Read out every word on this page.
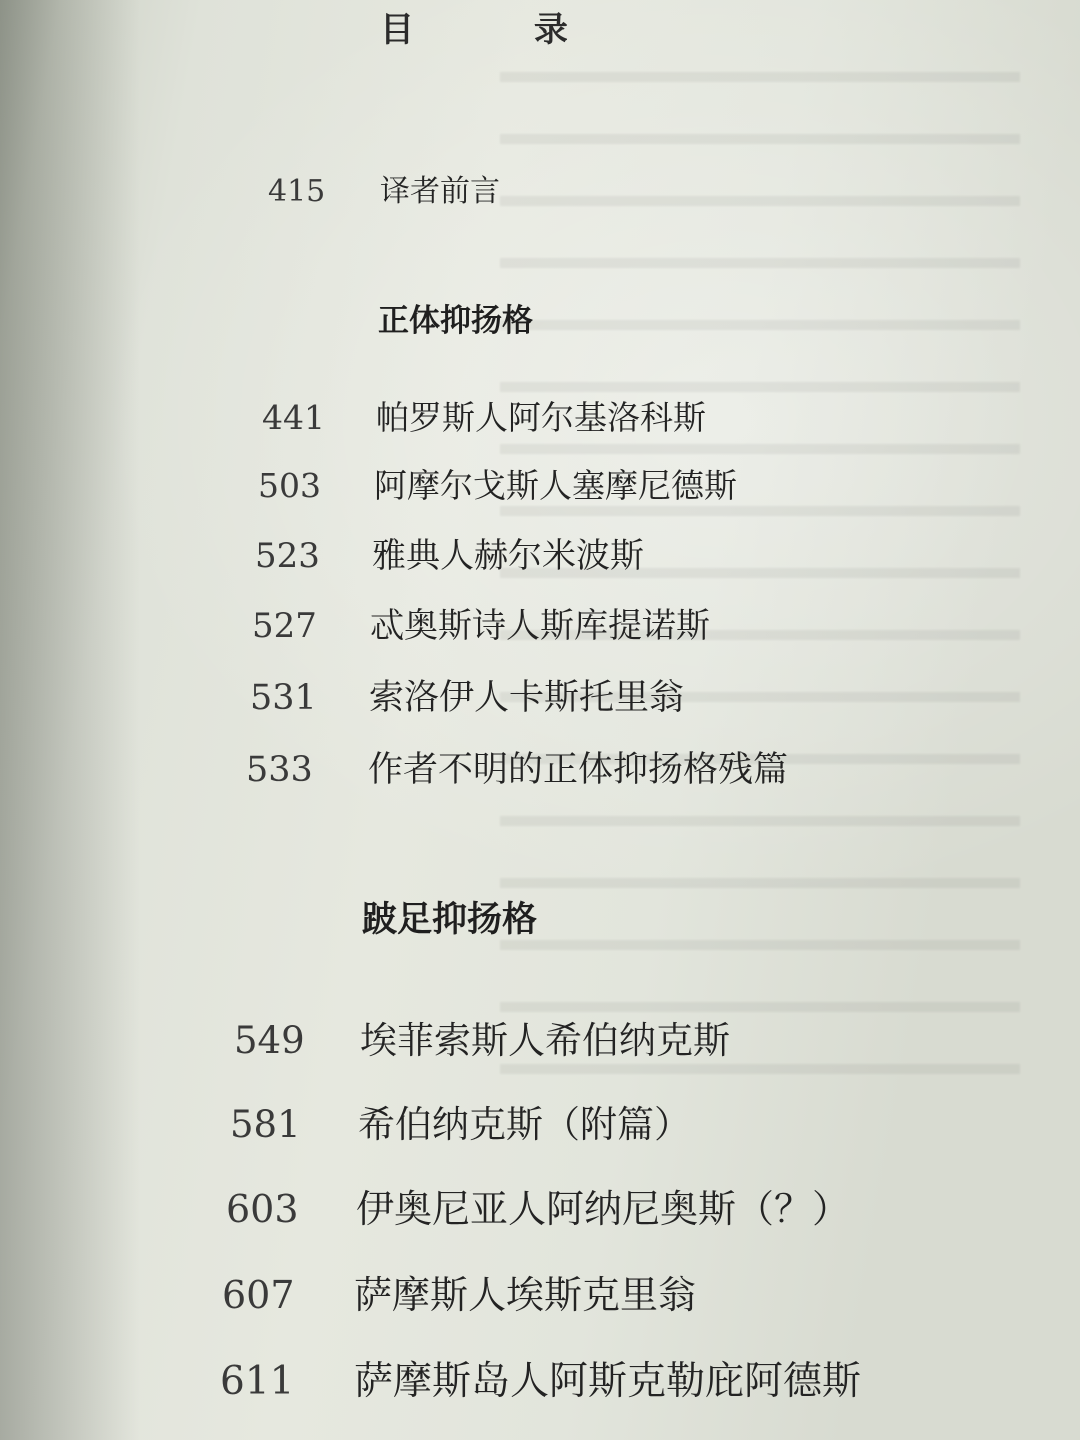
目 录
415	译者前言
正体抑扬格
441	帕罗斯人阿尔基洛科斯
503	阿摩尔戈斯人塞摩尼德斯
523	雅典人赫尔米波斯
527	忒奥斯诗人斯库提诺斯
531	索洛伊人卡斯托里翁
533	作者不明的正体抑扬格残篇
跛足抑扬格
549	埃菲索斯人希伯纳克斯
581	希伯纳克斯（附篇）
603	伊奥尼亚人阿纳尼奥斯（？）
607	萨摩斯人埃斯克里翁
611	萨摩斯岛人阿斯克勒庇阿德斯
